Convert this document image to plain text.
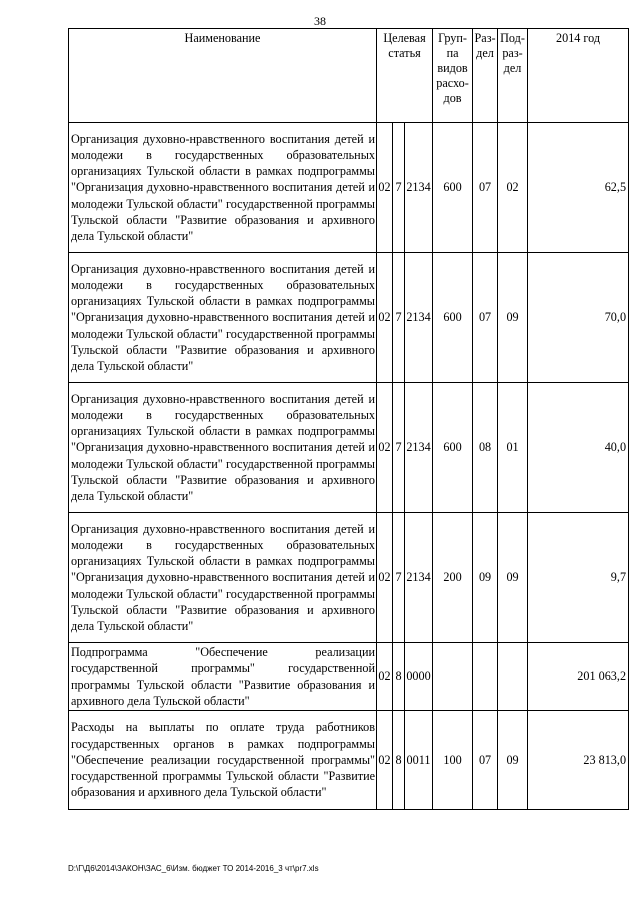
38
Наименование	Целевая статья			Груп-па видов расхо-дов	Раз-дел	Под-раз-дел	2014 год
Организация духовно-нравственного воспитания детей и молодежи в государственных образовательных организациях Тульской области в рамках подпрограммы "Организация духовно-нравственного воспитания детей и молодежи Тульской области" государственной программы Тульской области "Развитие образования и архивного дела Тульской области"	02	7	2134	600	07	02	62,5
Организация духовно-нравственного воспитания детей и молодежи в государственных образовательных организациях Тульской области в рамках подпрограммы "Организация духовно-нравственного воспитания детей и молодежи Тульской области" государственной программы Тульской области "Развитие образования и архивного дела Тульской области"	02	7	2134	600	07	09	70,0
Организация духовно-нравственного воспитания детей и молодежи в государственных образовательных организациях Тульской области в рамках подпрограммы "Организация духовно-нравственного воспитания детей и молодежи Тульской области" государственной программы Тульской области "Развитие образования и архивного дела Тульской области"	02	7	2134	600	08	01	40,0
Организация духовно-нравственного воспитания детей и молодежи в государственных образовательных организациях Тульской области в рамках подпрограммы "Организация духовно-нравственного воспитания детей и молодежи Тульской области" государственной программы Тульской области "Развитие образования и архивного дела Тульской области"	02	7	2134	200	09	09	9,7
Подпрограмма "Обеспечение реализации государственной программы" государственной программы Тульской области "Развитие образования и архивного дела Тульской области"	02	8	0000				201 063,2
Расходы на выплаты по оплате труда работников государственных органов в рамках подпрограммы "Обеспечение реализации государственной программы" государственной программы Тульской области "Развитие образования и архивного дела Тульской области"	02	8	0011	100	07	09	23 813,0
D:\Г\Д6\2014\ЗАКОН\ЗАС_6\Изм. бюджет ТО 2014-2016_3 чт\pr7.xls
